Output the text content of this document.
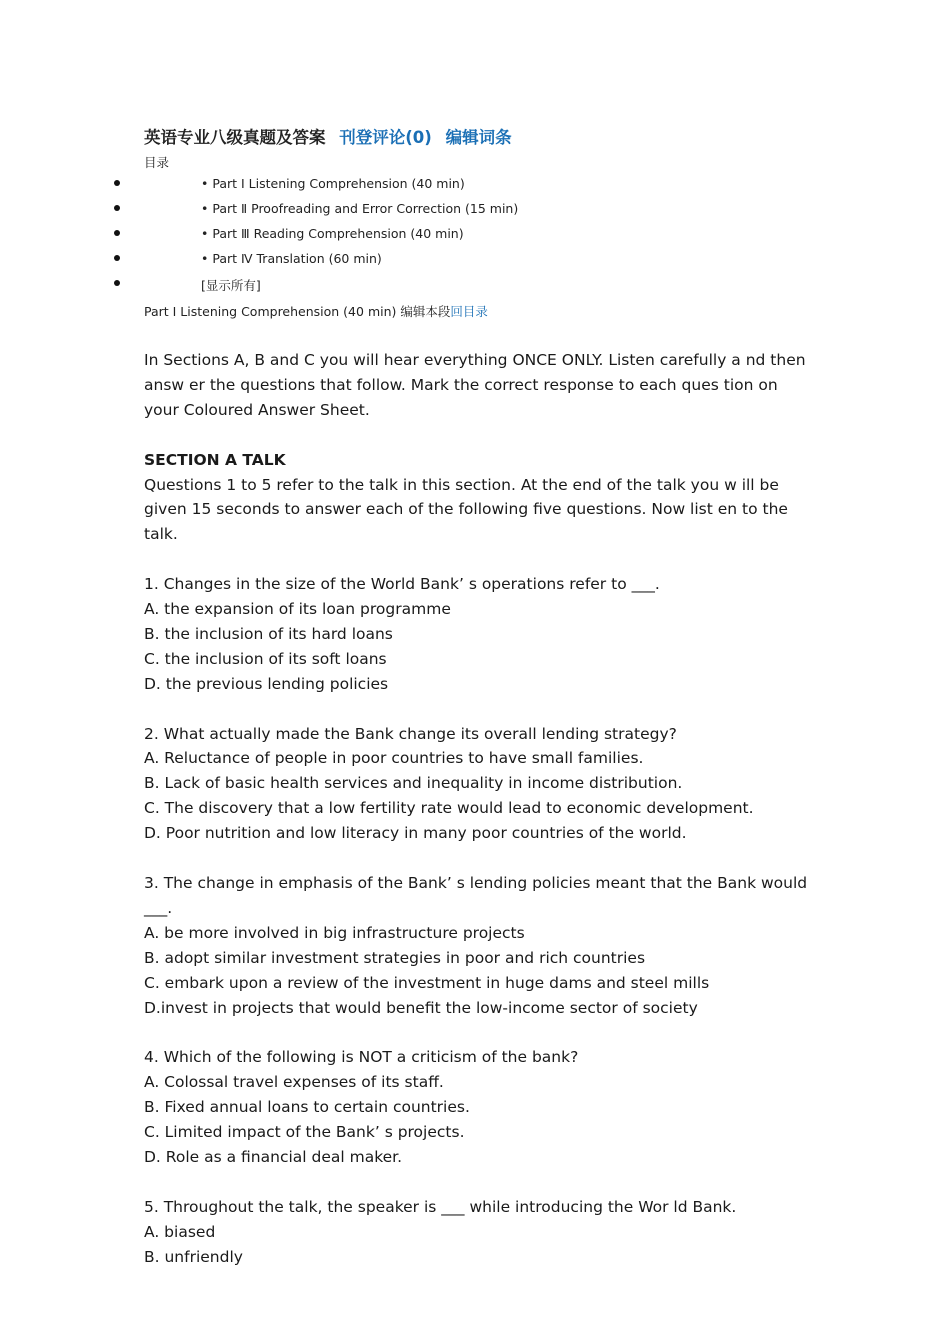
英语专业八级真题及答案 刊登评论(0) 编辑词条
目录
• Part Ⅰ Listening Comprehension (40 min)
• Part Ⅱ Proofreading and Error Correction (15 min)
• Part Ⅲ Reading Comprehension (40 min)
• Part Ⅳ Translation (60 min)
[显示所有]
Part Ⅰ Listening Comprehension (40 min) 编辑本段回目录

In Sections A, B and C you will hear everything ONCE ONLY. Listen carefully a nd then answ er the questions that follow. Mark the correct response to each ques tion on your Coloured Answer Sheet.

SECTION A TALK

Questions 1 to 5 refer to the talk in this section. At the end of the talk you w ill be given 15 seconds to answer each of the following five questions. Now list en to the talk.

1. Changes in the size of the World Bank’ s operations refer to ___.

A. the expansion of its loan programme

B. the inclusion of its hard loans

C. the inclusion of its soft loans

D. the previous lending policies

2. What actually made the Bank change its overall lending strategy?

A. Reluctance of people in poor countries to have small families.

B. Lack of basic health services and inequality in income distribution.

C. The discovery that a low fertility rate would lead to economic development.

D. Poor nutrition and low literacy in many poor countries of the world.

3. The change in emphasis of the Bank’ s lending policies meant that the Bank would ___.

A. be more involved in big infrastructure projects

B. adopt similar investment strategies in poor and rich countries

C. embark upon a review of the investment in huge dams and steel mills

D.invest in projects that would benefit the low-income sector of society

4. Which of the following is NOT a criticism of the bank?

A. Colossal travel expenses of its staff.

B. Fixed annual loans to certain countries.

C. Limited impact of the Bank’ s projects.

D. Role as a financial deal maker.

5. Throughout the talk, the speaker is ___ while introducing the Wor ld Bank.

A. biased

B. unfriendly
